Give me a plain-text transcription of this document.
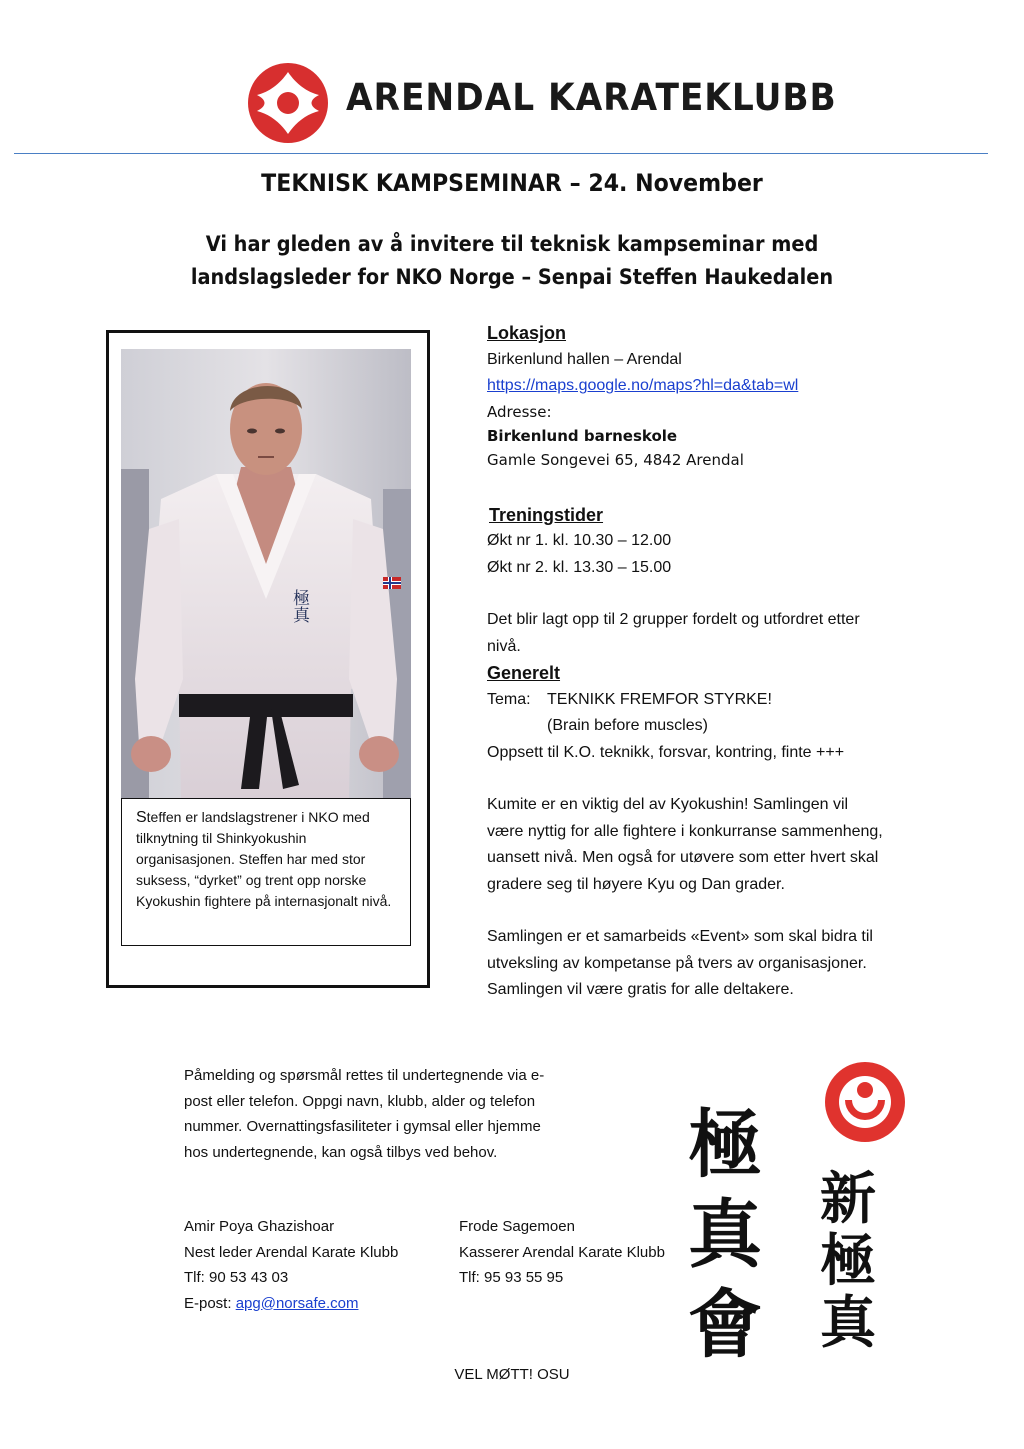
ARENDAL KARATEKLUBB
TEKNISK KAMPSEMINAR – 24. November
Vi har gleden av å invitere til teknisk kampseminar med
landslagsleder for NKO Norge – Senpai Steffen Haukedalen
極真
Steffen er landslagstrener i NKO med tilknytning til Shinkyokushin organisasjonen. Steffen har med stor suksess, “dyrket” og trent opp norske Kyokushin fightere på internasjonalt nivå.
Lokasjon
Birkenlund hallen – Arendal
https://maps.google.no/maps?hl=da&tab=wl
Adresse:
Birkenlund barneskole
Gamle Songevei 65, 4842 Arendal
Treningstider
Økt nr 1. kl. 10.30 – 12.00
Økt nr 2. kl. 13.30 – 15.00
Det blir lagt opp til 2 grupper fordelt og utfordret etter nivå.
Generelt
Tema: TEKNIKK FREMFOR STYRKE!
(Brain before muscles)
Oppsett til K.O. teknikk, forsvar, kontring, finte +++
Kumite er en viktig del av Kyokushin! Samlingen vil være nyttig for alle fightere i konkurranse sammenheng, uansett nivå. Men også for utøvere som etter hvert skal gradere seg til høyere Kyu og Dan grader.
Samlingen er et samarbeids «Event» som skal bidra til utveksling av kompetanse på tvers av organisasjoner. Samlingen vil være gratis for alle deltakere.
Påmelding og spørsmål rettes til undertegnende via e-post eller telefon. Oppgi navn, klubb, alder og telefon nummer. Overnattingsfasiliteter i gymsal eller hjemme hos undertegnende, kan også tilbys ved behov.
Amir Poya Ghazishoar
Nest leder Arendal Karate Klubb
Tlf: 90 53 43 03
E-post: apg@norsafe.com
Frode Sagemoen
Kasserer Arendal Karate Klubb
Tlf: 95 93 55 95
極
真
會
新
極
真
VEL MØTT! OSU
